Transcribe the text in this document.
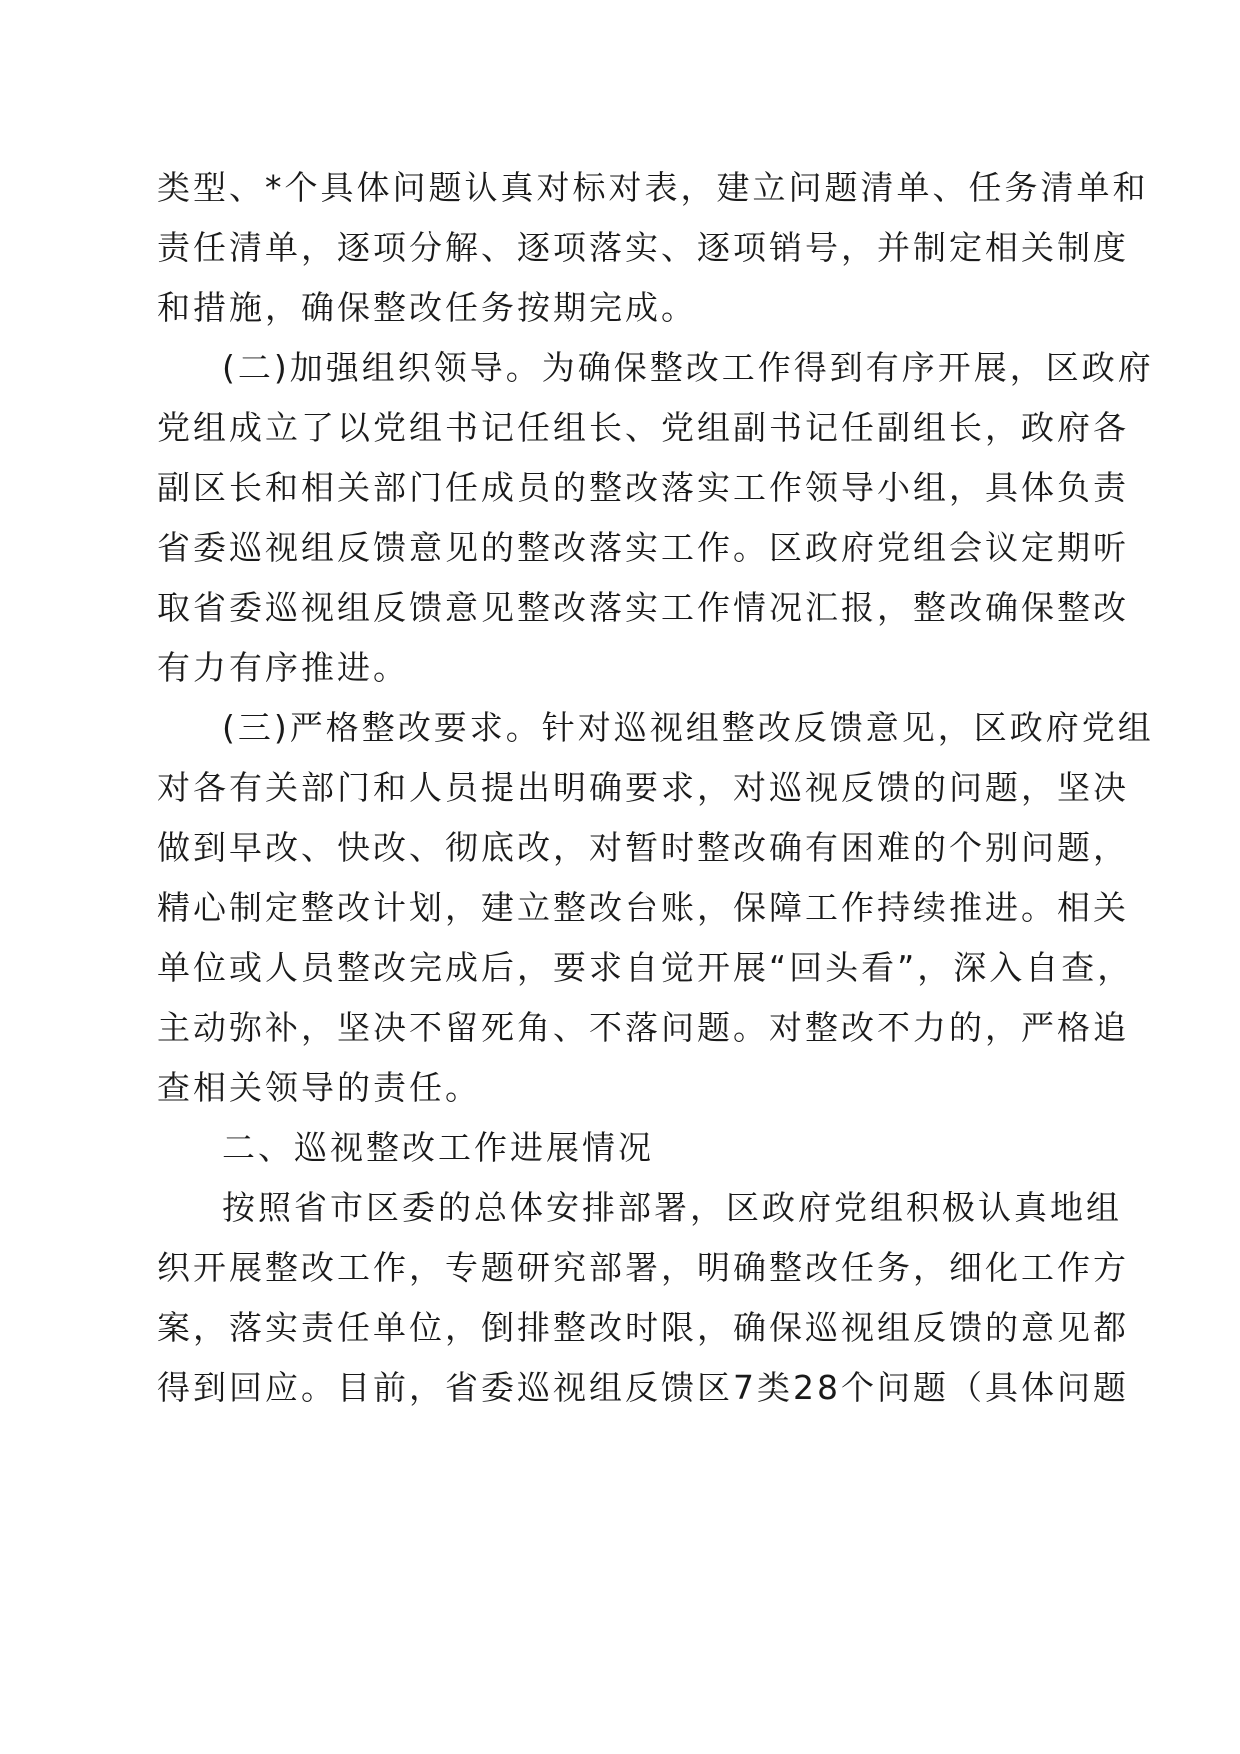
类型、*个具体问题认真对标对表，建立问题清单、任务清单和
责任清单，逐项分解、逐项落实、逐项销号，并制定相关制度
和措施，确保整改任务按期完成。
(二)加强组织领导。为确保整改工作得到有序开展，区政府
党组成立了以党组书记任组长、党组副书记任副组长，政府各
副区长和相关部门任成员的整改落实工作领导小组，具体负责
省委巡视组反馈意见的整改落实工作。区政府党组会议定期听
取省委巡视组反馈意见整改落实工作情况汇报，整改确保整改
有力有序推进。
(三)严格整改要求。针对巡视组整改反馈意见，区政府党组
对各有关部门和人员提出明确要求，对巡视反馈的问题，坚决
做到早改、快改、彻底改，对暂时整改确有困难的个别问题，
精心制定整改计划，建立整改台账，保障工作持续推进。相关
单位或人员整改完成后，要求自觉开展“回头看”，深入自查，
主动弥补，坚决不留死角、不落问题。对整改不力的，严格追
查相关领导的责任。
二、巡视整改工作进展情况
按照省市区委的总体安排部署，区政府党组积极认真地组
织开展整改工作，专题研究部署，明确整改任务，细化工作方
案，落实责任单位，倒排整改时限，确保巡视组反馈的意见都
得到回应。目前，省委巡视组反馈区7类28个问题（具体问题
